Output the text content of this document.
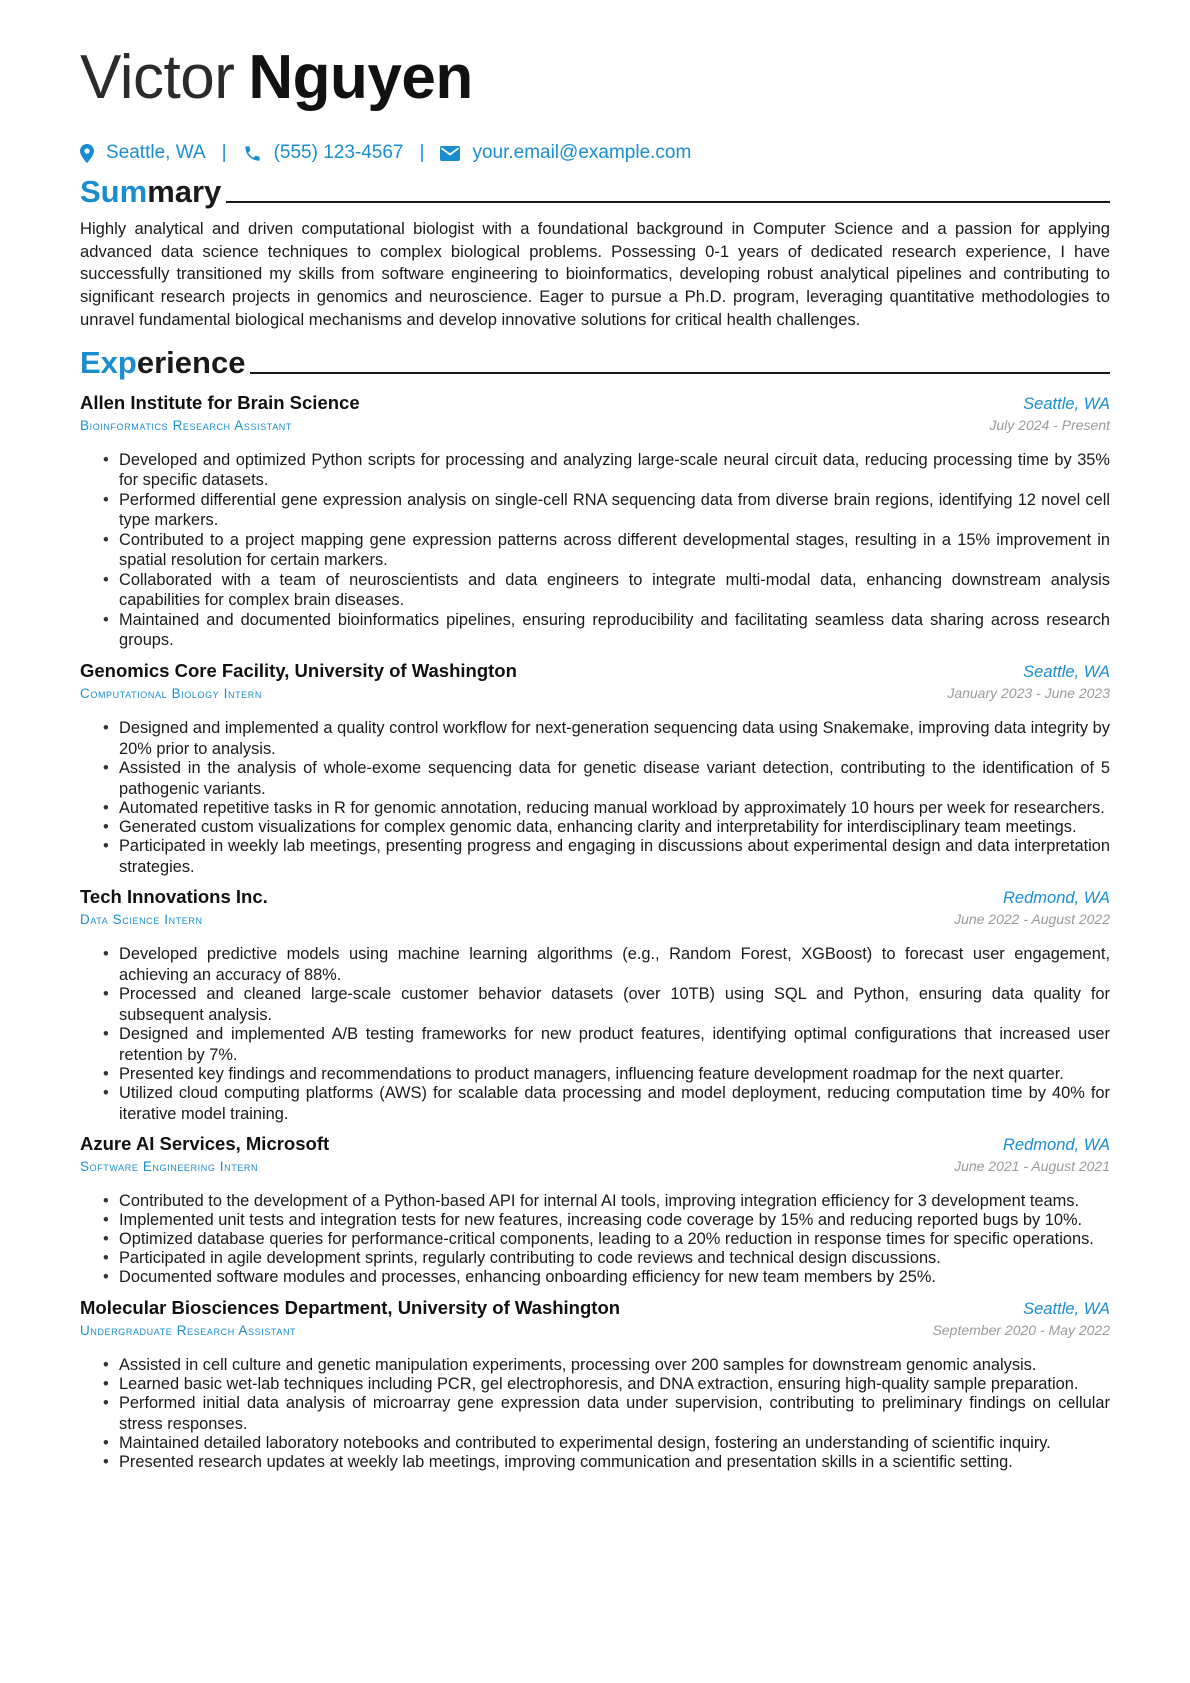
Victor Nguyen
Seattle, WA | (555) 123-4567 |	your.email@example.com
Summary

Highly analytical and driven computational biologist with a foundational background in Computer Science and a passion for applying advanced data science techniques to complex biological problems. Possessing 0-1 years of dedicated research experience, I have successfully transitioned my skills from software engineering to bioinformatics, developing robust analytical pipelines and contributing to significant research projects in genomics and neuroscience. Eager to pursue a Ph.D. program, leveraging quantitative methodologies to unravel fundamental biological mechanisms and develop innovative solutions for critical health challenges.

Experience
Allen Institute for Brain Science	Seattle, WA
Bioinformatics Research Assistant	July 2024 - Present
• Developed and optimized Python scripts for processing and analyzing large-scale neural circuit data, reducing processing time by 35% for specific datasets.
• Performed differential gene expression analysis on single-cell RNA sequencing data from diverse brain regions, identifying 12 novel cell type markers.
• Contributed to a project mapping gene expression patterns across different developmental stages, resulting in a 15% improvement in spatial resolution for certain markers.
• Collaborated with a team of neuroscientists and data engineers to integrate multi-modal data, enhancing downstream analysis capabilities for complex brain diseases.
• Maintained and documented bioinformatics pipelines, ensuring reproducibility and facilitating seamless data sharing across research groups.
Genomics Core Facility, University of Washington	Seattle, WA
Computational Biology Intern	January 2023 - June 2023
• Designed and implemented a quality control workflow for next-generation sequencing data using Snakemake, improving data integrity by 20% prior to analysis.
• Assisted in the analysis of whole-exome sequencing data for genetic disease variant detection, contributing to the identification of 5 pathogenic variants.
• Automated repetitive tasks in R for genomic annotation, reducing manual workload by approximately 10 hours per week for researchers.
• Generated custom visualizations for complex genomic data, enhancing clarity and interpretability for interdisciplinary team meetings.
• Participated in weekly lab meetings, presenting progress and engaging in discussions about experimental design and data interpretation strategies.
Tech Innovations Inc.	Redmond, WA
Data Science Intern	June 2022 - August 2022
• Developed predictive models using machine learning algorithms (e.g., Random Forest, XGBoost) to forecast user engagement, achieving an accuracy of 88%.
• Processed and cleaned large-scale customer behavior datasets (over 10TB) using SQL and Python, ensuring data quality for subsequent analysis.
• Designed and implemented A/B testing frameworks for new product features, identifying optimal configurations that increased user retention by 7%.
• Presented key findings and recommendations to product managers, influencing feature development roadmap for the next quarter.
• Utilized cloud computing platforms (AWS) for scalable data processing and model deployment, reducing computation time by 40% for iterative model training.
Azure AI Services, Microsoft	Redmond, WA
Software Engineering Intern	June 2021 - August 2021
• Contributed to the development of a Python-based API for internal AI tools, improving integration efficiency for 3 development teams.
• Implemented unit tests and integration tests for new features, increasing code coverage by 15% and reducing reported bugs by 10%.
• Optimized database queries for performance-critical components, leading to a 20% reduction in response times for specific operations.
• Participated in agile development sprints, regularly contributing to code reviews and technical design discussions.
• Documented software modules and processes, enhancing onboarding efficiency for new team members by 25%.
Molecular Biosciences Department, University of Washington	Seattle, WA
Undergraduate Research Assistant	September 2020 - May 2022
• Assisted in cell culture and genetic manipulation experiments, processing over 200 samples for downstream genomic analysis.
• Learned basic wet-lab techniques including PCR, gel electrophoresis, and DNA extraction, ensuring high-quality sample preparation.
• Performed initial data analysis of microarray gene expression data under supervision, contributing to preliminary findings on cellular stress responses.
• Maintained detailed laboratory notebooks and contributed to experimental design, fostering an understanding of scientific inquiry.
• Presented research updates at weekly lab meetings, improving communication and presentation skills in a scientific setting.
